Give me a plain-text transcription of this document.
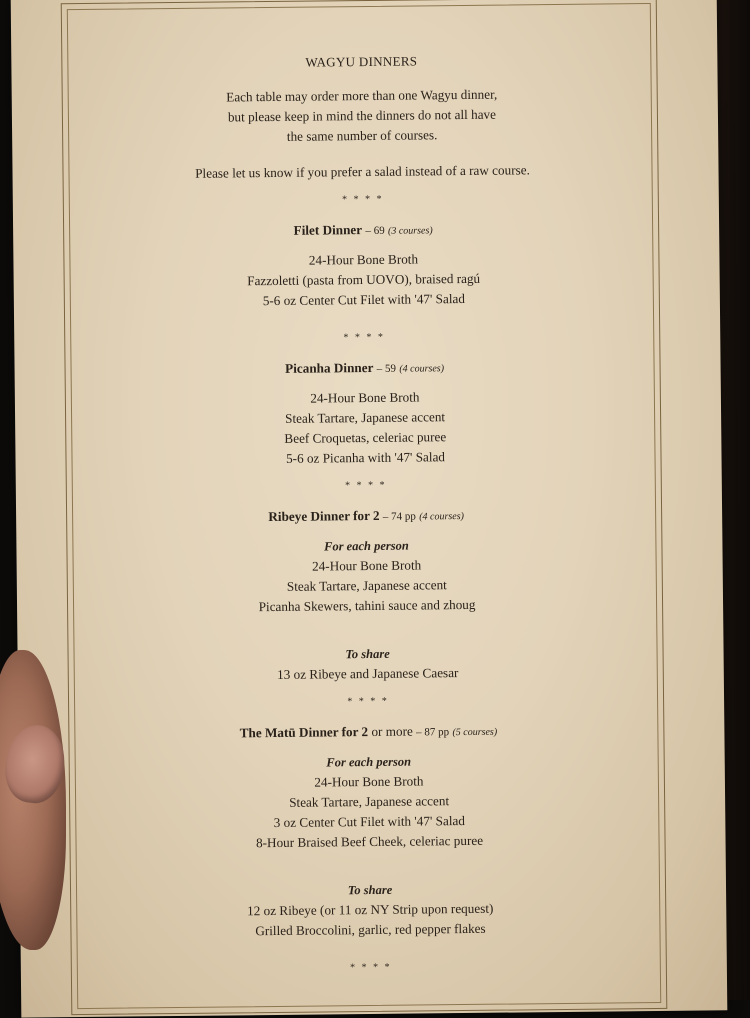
WAGYU DINNERS

Each table may order more than one Wagyu dinner,

but please keep in mind the dinners do not all have

the same number of courses.

Please let us know if you prefer a salad instead of a raw course.

* * * *
Filet Dinner – 69 (3 courses)
24-Hour Bone Broth
Fazzoletti (pasta from UOVO), braised ragú
5-6 oz Center Cut Filet with '47' Salad
* * * *
Picanha Dinner – 59 (4 courses)
24-Hour Bone Broth
Steak Tartare, Japanese accent
Beef Croquetas, celeriac puree
5-6 oz Picanha with '47' Salad
* * * *
Ribeye Dinner for 2 – 74 pp (4 courses)
For each person
24-Hour Bone Broth
Steak Tartare, Japanese accent
Picanha Skewers, tahini sauce and zhoug
To share
13 oz Ribeye and Japanese Caesar
* * * *
The Matū Dinner for 2 or more – 87 pp (5 courses)
For each person
24-Hour Bone Broth
Steak Tartare, Japanese accent
3 oz Center Cut Filet with '47' Salad
8-Hour Braised Beef Cheek, celeriac puree
To share
12 oz Ribeye (or 11 oz NY Strip upon request)
Grilled Broccolini, garlic, red pepper flakes
* * * *
